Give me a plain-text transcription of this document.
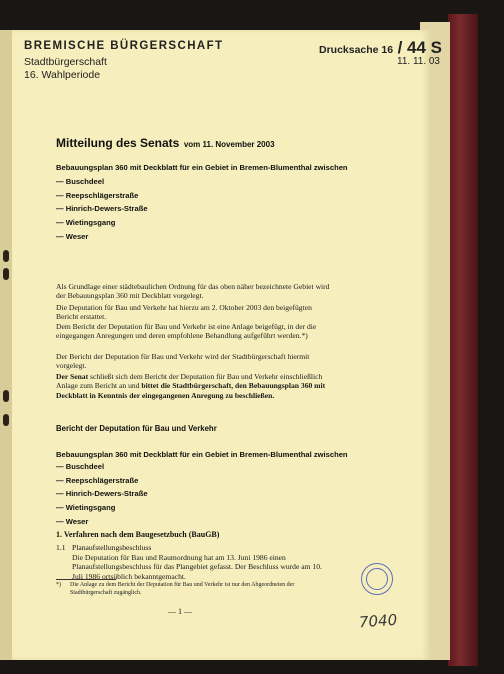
BREMISCHE BÜRGERSCHAFT
Stadtbürgerschaft
16. Wahlperiode
Drucksache 16 / 44 S
11. 11. 03
Mitteilung des Senats vom 11. November 2003
Bebauungsplan 360 mit Deckblatt für ein Gebiet in Bremen-Blumenthal zwischen
— Buschdeel
— Reepschlägerstraße
— Hinrich-Dewers-Straße
— Wietingsgang
— Weser

Als Grundlage einer städtebaulichen Ordnung für das oben näher bezeichnete Gebiet wird der Bebauungsplan 360 mit Deckblatt vorgelegt.

Die Deputation für Bau und Verkehr hat hierzu am 2. Oktober 2003 den beigefügten Bericht erstattet.

Dem Bericht der Deputation für Bau und Verkehr ist eine Anlage beigefügt, in der die eingegangen Anregungen und deren empfohlene Behandlung aufgeführt werden.*)

Der Bericht der Deputation für Bau und Verkehr wird der Stadtbürgerschaft hiermit vorgelegt.

Der Senat schließt sich dem Bericht der Deputation für Bau und Verkehr einschließlich Anlage zum Bericht an und bittet die Stadtbürgerschaft, den Bebauungsplan 360 mit Deckblatt in Kenntnis der eingegangenen Anregung zu beschließen.

Bericht der Deputation für Bau und Verkehr
Bebauungsplan 360 mit Deckblatt für ein Gebiet in Bremen-Blumenthal zwischen
— Buschdeel
— Reepschlägerstraße
— Hinrich-Dewers-Straße
— Wietingsgang
— Weser
1. Verfahren nach dem Baugesetzbuch (BauGB)
1.1 Planaufstellungsbeschluss

Die Deputation für Bau und Raumordnung hat am 13. Juni 1986 einen Planaufstellungsbeschluss für das Plangebiet gefasst. Der Beschluss wurde am 10. Juli 1986 ortsüblich bekanntgemacht.

*) Die Anlage zu dem Bericht der Deputation für Bau und Verkehr ist nur den Abgeordneten der Stadtbürgerschaft zugänglich.
— 1 —	7040
